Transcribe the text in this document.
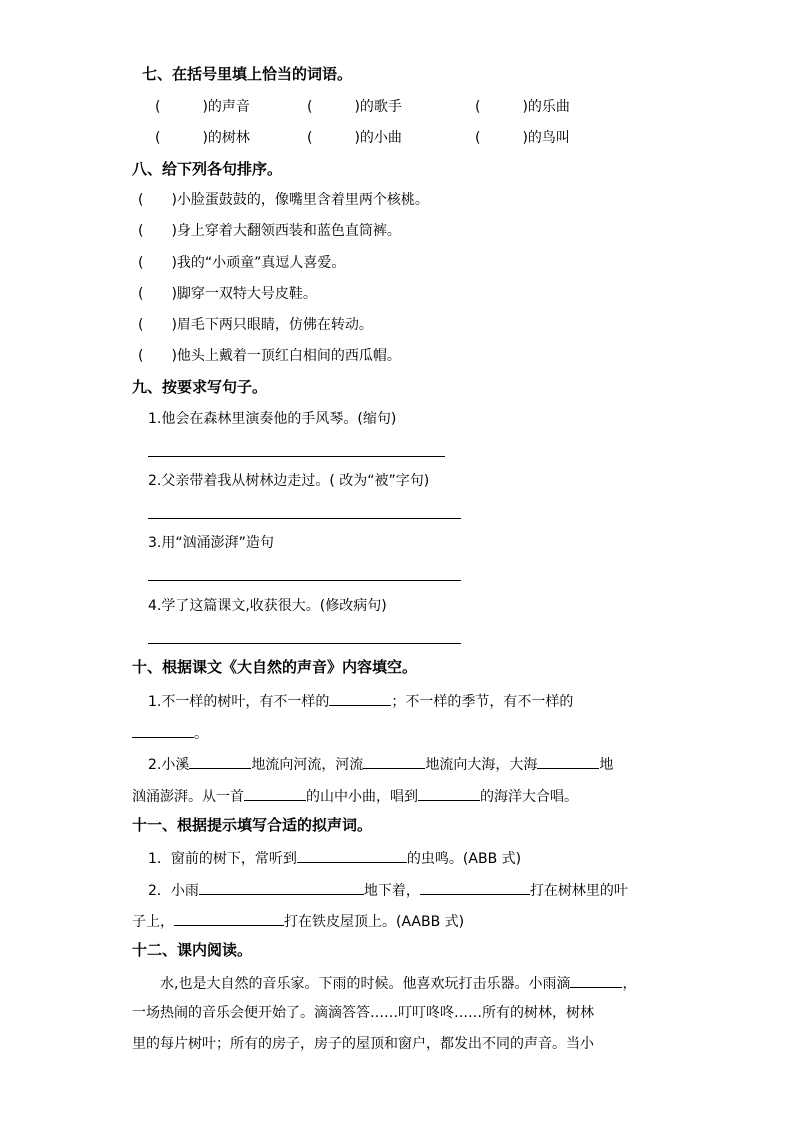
七、在括号里填上恰当的词语。
(　　　)的声音	(　　　)的歌手	(　　　)的乐曲
(　　　)的树林	(　　　)的小曲	(　　　)的鸟叫
八、给下列各句排序。
(　　)小脸蛋鼓鼓的，像嘴里含着里两个核桃。
(　　)身上穿着大翻领西装和蓝色直筒裤。
(　　)我的“小顽童”真逗人喜爱。
(　　)脚穿一双特大号皮鞋。
(　　)眉毛下两只眼睛，仿佛在转动。
(　　)他头上戴着一顶红白相间的西瓜帽。
九、按要求写句子。
1.他会在森林里演奏他的手风琴。(缩句)
2.父亲带着我从树林边走过。( 改为“被”字句)
3.用“汹涌澎湃”造句
4.学了这篇课文,收获很大。(修改病句)
十、根据课文《大自然的声音》内容填空。
1.不一样的树叶，有不一样的	；不一样的季节，有不一样的
。
2.小溪	地流向河流，河流	地流向大海，大海	地
汹涌澎湃。从一首	的山中小曲，唱到	的海洋大合唱。
十一、根据提示填写合适的拟声词。
1．窗前的树下，常听到	的虫鸣。(ABB 式)
2．小雨	地下着，	打在树林里的叶
子上，	打在铁皮屋顶上。(AABB 式)
十二、课内阅读。
水,也是大自然的音乐家。下雨的时候。他喜欢玩打击乐器。小雨滴	，
一场热闹的音乐会便开始了。滴滴答答……叮叮咚咚……所有的树林，树林
里的每片树叶；所有的房子，房子的屋顶和窗户，都发出不同的声音。当小
